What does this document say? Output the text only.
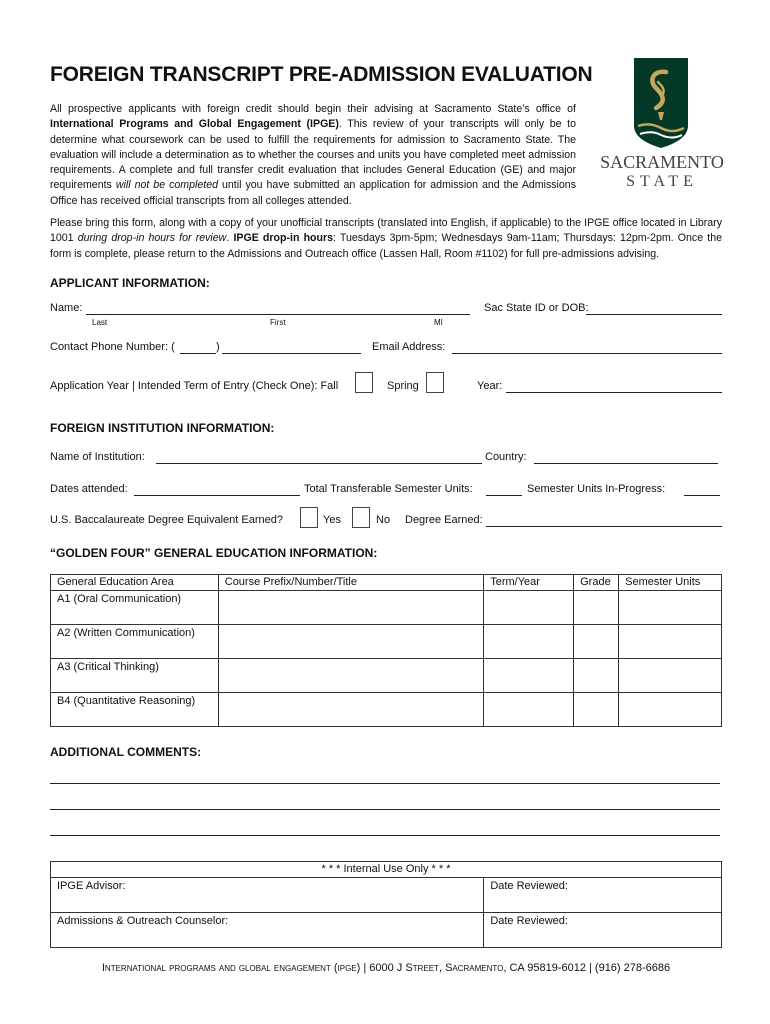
FOREIGN TRANSCRIPT PRE-ADMISSION EVALUATION
All prospective applicants with foreign credit should begin their advising at Sacramento State’s office of International Programs and Global Engagement (IPGE). This review of your transcripts will only be to determine what coursework can be used to fulfill the requirements for admission to Sacramento State. The evaluation will include a determination as to whether the courses and units you have completed meet admission requirements. A complete and full transfer credit evaluation that includes General Education (GE) and major requirements will not be completed until you have submitted an application for admission and the Admissions Office has received official transcripts from all colleges attended.
SACRAMENTO
STATE
Please bring this form, along with a copy of your unofficial transcripts (translated into English, if applicable) to the IPGE office located in Library 1001 during drop-in hours for review. IPGE drop-in hours: Tuesdays 3pm-5pm; Wednesdays 9am-11am; Thursdays: 12pm-2pm. Once the form is complete, please return to the Admissions and Outreach office (Lassen Hall, Room #1102) for full pre-admissions advising.
APPLICANT INFORMATION:
Name:
Last	First	MI
Sac State ID or DOB:
Contact Phone Number: (	)	Email Address:
Application Year | Intended Term of Entry (Check One): Fall	Spring	Year:
FOREIGN INSTITUTION INFORMATION:
Name of Institution:	Country:
Dates attended:	Total Transferable Semester Units:	Semester Units In-Progress:
U.S. Baccalaureate Degree Equivalent Earned?	Yes	No Degree Earned:
“GOLDEN FOUR” GENERAL EDUCATION INFORMATION:
General Education Area	Course Prefix/Number/Title	Term/Year	Grade	Semester Units
A1 (Oral Communication)				
A2 (Written Communication)				
A3 (Critical Thinking)				
B4 (Quantitative Reasoning)				
ADDITIONAL COMMENTS:
* * * Internal Use Only * * *	
IPGE Advisor:	Date Reviewed:
Admissions & Outreach Counselor:	Date Reviewed:
International programs and global engagement (ipge) | 6000 J Street, Sacramento, CA 95819-6012 | (916) 278-6686
